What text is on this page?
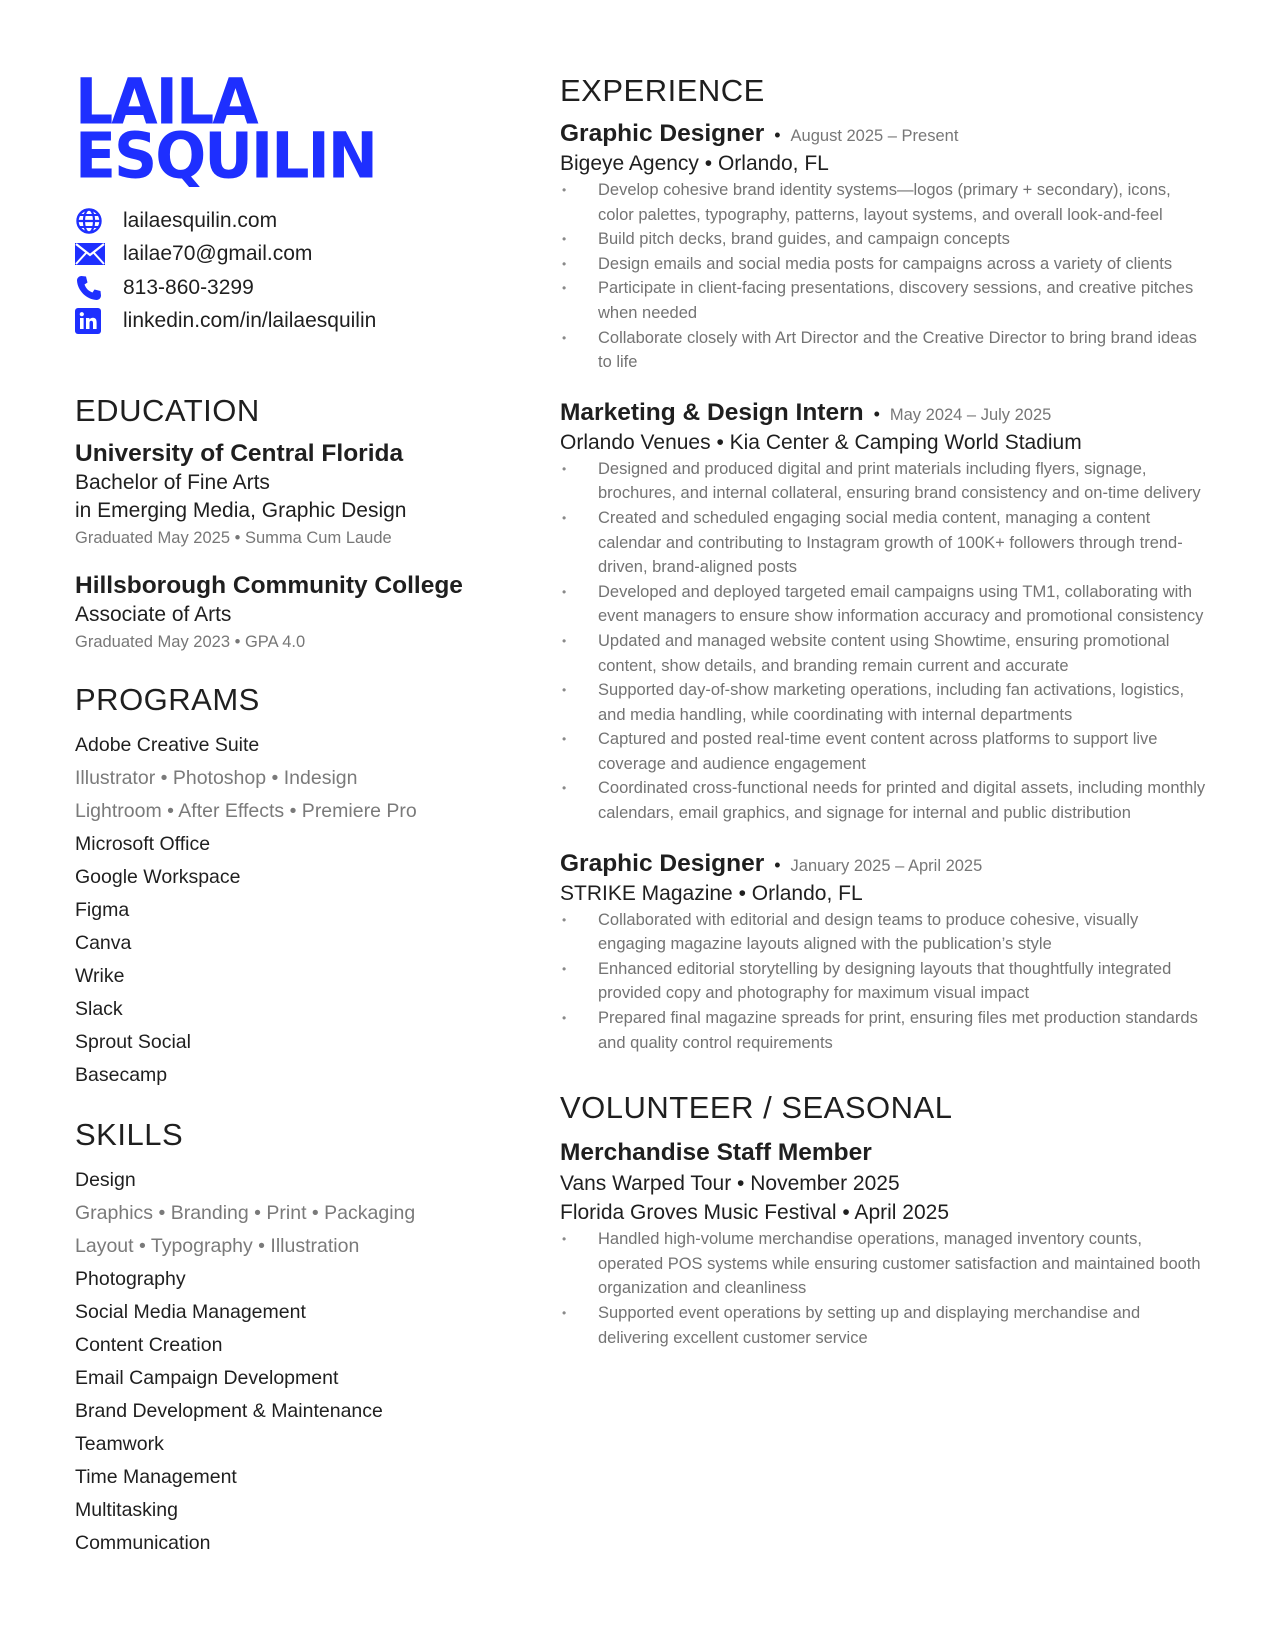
LAILA
ESQUILIN
lailaesquilin.com
lailae70@gmail.com
813-860-3299
linkedin.com/in/lailaesquilin
EDUCATION
University of Central Florida
Bachelor of Fine Arts
in Emerging Media, Graphic Design
Graduated May 2025 • Summa Cum Laude
Hillsborough Community College
Associate of Arts
Graduated May 2023 • GPA 4.0
PROGRAMS
Adobe Creative Suite
Illustrator • Photoshop • Indesign
Lightroom • After Effects • Premiere Pro
Microsoft Office
Google Workspace
Figma
Canva
Wrike
Slack
Sprout Social
Basecamp
SKILLS
Design
Graphics • Branding • Print • Packaging
Layout • Typography • Illustration
Photography
Social Media Management
Content Creation
Email Campaign Development
Brand Development & Maintenance
Teamwork
Time Management
Multitasking
Communication
EXPERIENCE
Graphic Designer • August 2025 – Present
Bigeye Agency • Orlando, FL
• Develop cohesive brand identity systems—logos (primary + secondary), icons, color palettes, typography, patterns, layout systems, and overall look-and-feel
• Build pitch decks, brand guides, and campaign concepts
• Design emails and social media posts for campaigns across a variety of clients
• Participate in client-facing presentations, discovery sessions, and creative pitches when needed
• Collaborate closely with Art Director and the Creative Director to bring brand ideas to life
Marketing & Design Intern • May 2024 – July 2025
Orlando Venues • Kia Center & Camping World Stadium
• Designed and produced digital and print materials including flyers, signage, brochures, and internal collateral, ensuring brand consistency and on-time delivery
• Created and scheduled engaging social media content, managing a content calendar and contributing to Instagram growth of 100K+ followers through trend-driven, brand-aligned posts
• Developed and deployed targeted email campaigns using TM1, collaborating with event managers to ensure show information accuracy and promotional consistency
• Updated and managed website content using Showtime, ensuring promotional content, show details, and branding remain current and accurate
• Supported day-of-show marketing operations, including fan activations, logistics, and media handling, while coordinating with internal departments
• Captured and posted real-time event content across platforms to support live coverage and audience engagement
• Coordinated cross-functional needs for printed and digital assets, including monthly calendars, email graphics, and signage for internal and public distribution
Graphic Designer • January 2025 – April 2025
STRIKE Magazine • Orlando, FL
• Collaborated with editorial and design teams to produce cohesive, visually engaging magazine layouts aligned with the publication’s style
• Enhanced editorial storytelling by designing layouts that thoughtfully integrated provided copy and photography for maximum visual impact
• Prepared final magazine spreads for print, ensuring files met production standards and quality control requirements
VOLUNTEER / SEASONAL
Merchandise Staff Member
Vans Warped Tour • November 2025
Florida Groves Music Festival • April 2025
• Handled high-volume merchandise operations, managed inventory counts, operated POS systems while ensuring customer satisfaction and maintained booth organization and cleanliness
• Supported event operations by setting up and displaying merchandise and delivering excellent customer service
